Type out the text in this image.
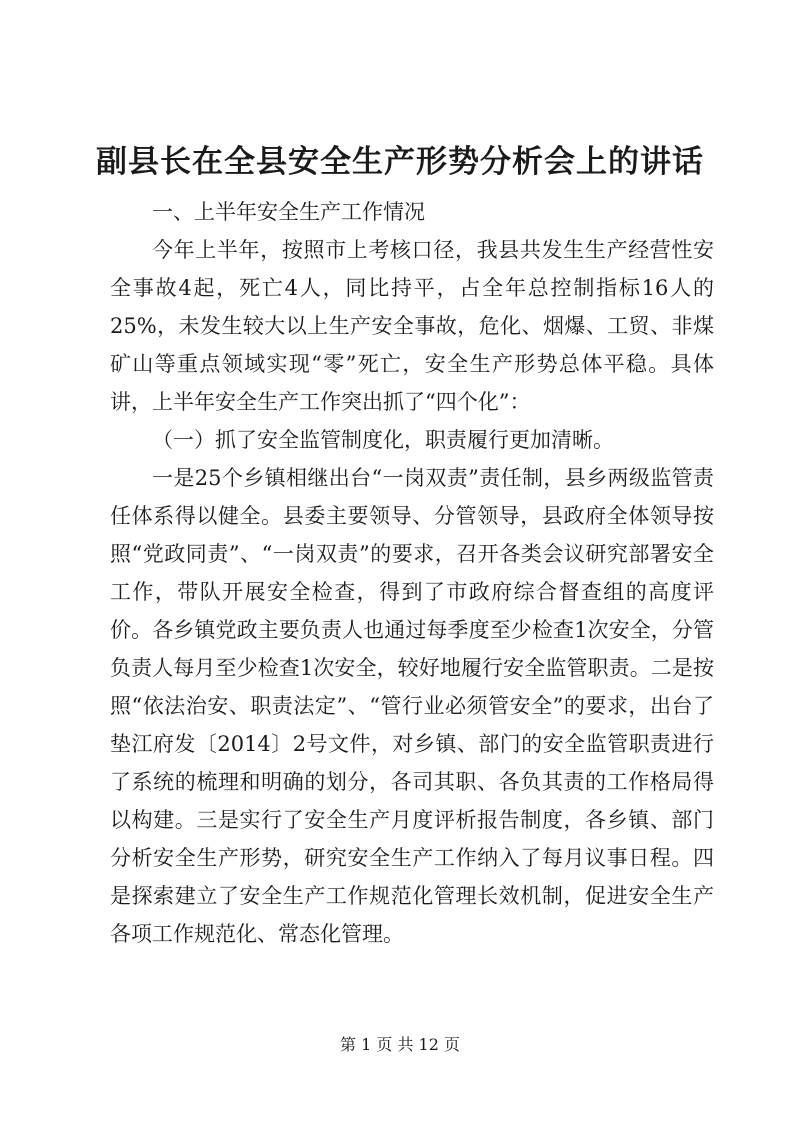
副县长在全县安全生产形势分析会上的讲话

一、上半年安全生产工作情况

今年上半年，按照市上考核口径，我县共发生生产经营性安全事故4起，死亡4人，同比持平，占全年总控制指标16人的25%，未发生较大以上生产安全事故，危化、烟爆、工贸、非煤矿山等重点领域实现“零”死亡，安全生产形势总体平稳。具体讲，上半年安全生产工作突出抓了“四个化”：

（一）抓了安全监管制度化，职责履行更加清晰。

一是25个乡镇相继出台“一岗双责”责任制，县乡两级监管责任体系得以健全。县委主要领导、分管领导，县政府全体领导按照“党政同责”、“一岗双责”的要求，召开各类会议研究部署安全工作，带队开展安全检查，得到了市政府综合督查组的高度评价。各乡镇党政主要负责人也通过每季度至少检查1次安全，分管负责人每月至少检查1次安全，较好地履行安全监管职责。二是按照“依法治安、职责法定”、“管行业必须管安全”的要求，出台了垫江府发〔2014〕2号文件，对乡镇、部门的安全监管职责进行了系统的梳理和明确的划分，各司其职、各负其责的工作格局得以构建。三是实行了安全生产月度评析报告制度，各乡镇、部门分析安全生产形势，研究安全生产工作纳入了每月议事日程。四是探索建立了安全生产工作规范化管理长效机制，促进安全生产各项工作规范化、常态化管理。

第 1 页 共 12 页
